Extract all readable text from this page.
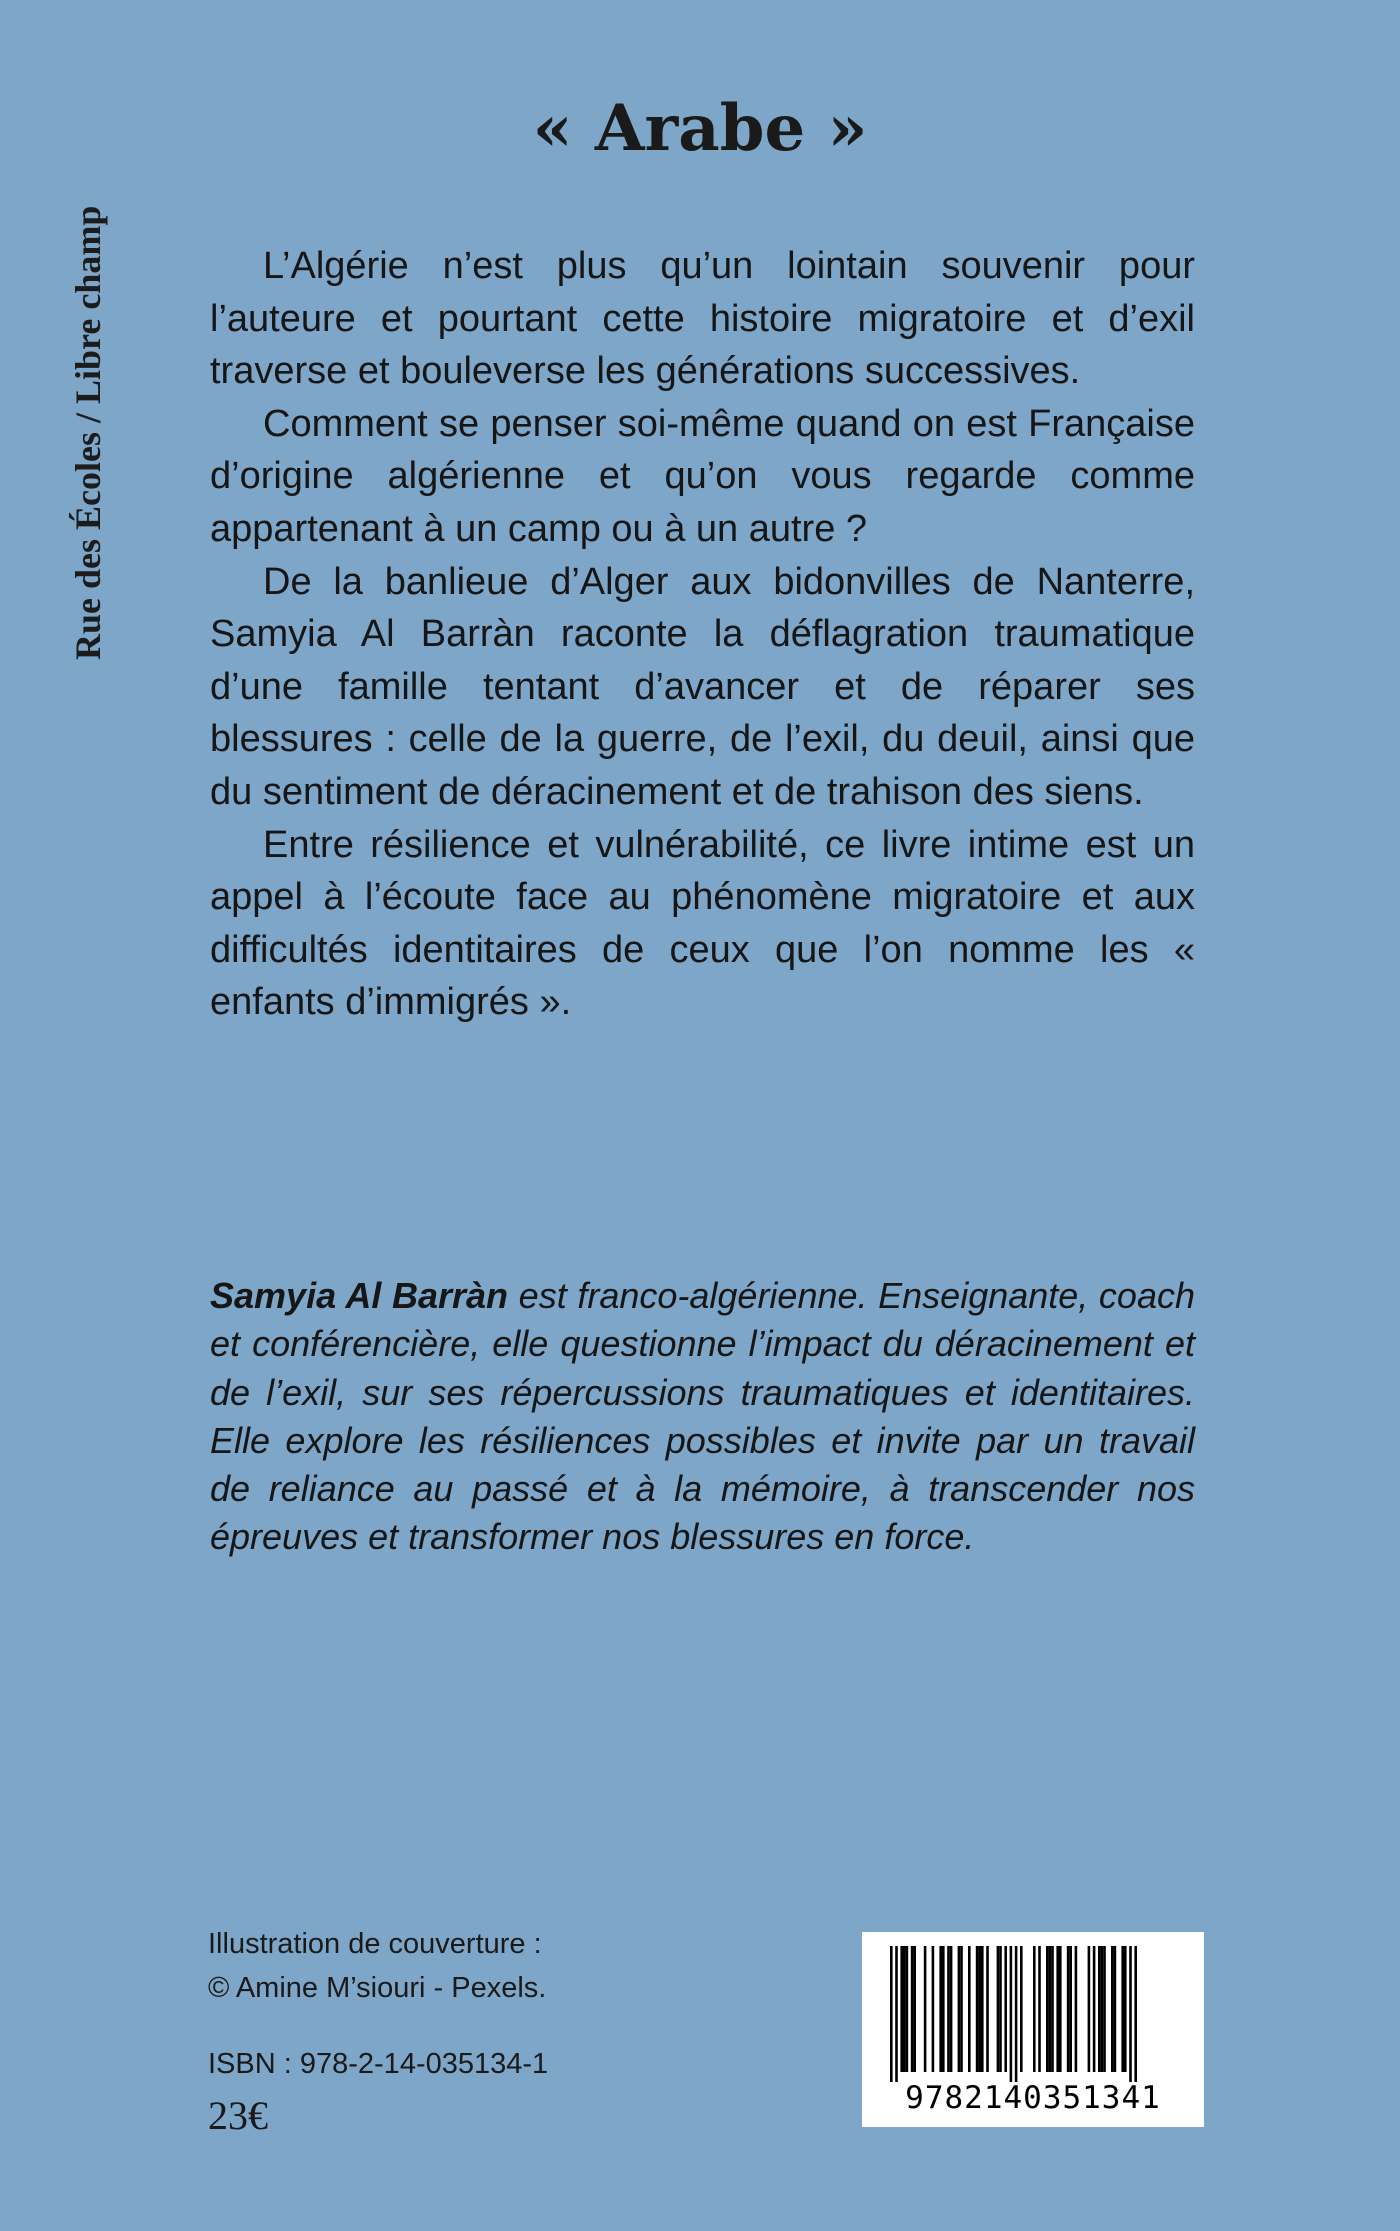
Rue des Écoles / Libre champ
« Arabe »

L’Algérie n’est plus qu’un lointain souvenir pour l’auteure et pourtant cette histoire migratoire et d’exil traverse et bouleverse les générations successives.

Comment se penser soi-même quand on est Française d’origine algérienne et qu’on vous regarde comme appartenant à un camp ou à un autre ?

De la banlieue d’Alger aux bidonvilles de Nanterre, Samyia Al Barràn raconte la déflagration traumatique d’une famille tentant d’avancer et de réparer ses blessures : celle de la guerre, de l’exil, du deuil, ainsi que du sentiment de déracinement et de trahison des siens.

Entre résilience et vulnérabilité, ce livre intime est un appel à l’écoute face au phénomène migratoire et aux difficultés identitaires de ceux que l’on nomme les « enfants d’immigrés ».

Samyia Al Barràn est franco-algérienne. Enseignante, coach et conférencière, elle questionne l’impact du déracinement et de l’exil, sur ses répercussions traumatiques et identitaires. Elle explore les résiliences possibles et invite par un travail de reliance au passé et à la mémoire, à transcender nos épreuves et transformer nos blessures en force.

Illustration de couverture :
© Amine M’siouri - Pexels.
ISBN : 978-2-14-035134-1
23€	9782140351341
